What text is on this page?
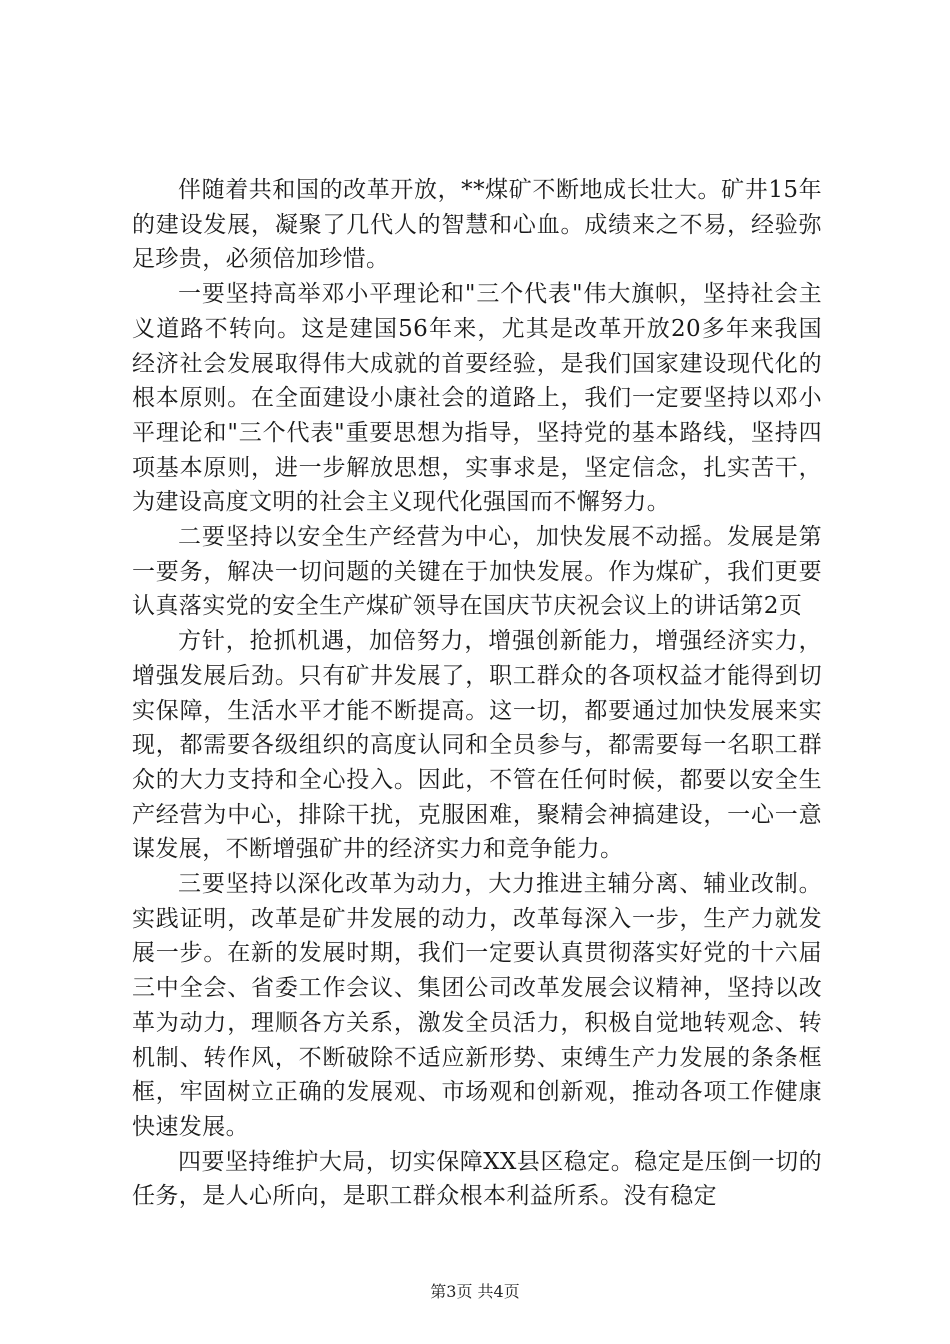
伴随着共和国的改革开放，**煤矿不断地成长壮大。矿井15年的建设发展，凝聚了几代人的智慧和心血。成绩来之不易，经验弥足珍贵，必须倍加珍惜。

一要坚持高举邓小平理论和"三个代表"伟大旗帜，坚持社会主义道路不转向。这是建国56年来，尤其是改革开放20多年来我国经济社会发展取得伟大成就的首要经验，是我们国家建设现代化的根本原则。在全面建设小康社会的道路上，我们一定要坚持以邓小平理论和"三个代表"重要思想为指导，坚持党的基本路线，坚持四项基本原则，进一步解放思想，实事求是，坚定信念，扎实苦干，为建设高度文明的社会主义现代化强国而不懈努力。

二要坚持以安全生产经营为中心，加快发展不动摇。发展是第一要务，解决一切问题的关键在于加快发展。作为煤矿，我们更要认真落实党的安全生产煤矿领导在国庆节庆祝会议上的讲话第2页

方针，抢抓机遇，加倍努力，增强创新能力，增强经济实力，增强发展后劲。只有矿井发展了，职工群众的各项权益才能得到切实保障，生活水平才能不断提高。这一切，都要通过加快发展来实现，都需要各级组织的高度认同和全员参与，都需要每一名职工群众的大力支持和全心投入。因此，不管在任何时候，都要以安全生产经营为中心，排除干扰，克服困难，聚精会神搞建设，一心一意谋发展，不断增强矿井的经济实力和竞争能力。

三要坚持以深化改革为动力，大力推进主辅分离、辅业改制。实践证明，改革是矿井发展的动力，改革每深入一步，生产力就发展一步。在新的发展时期，我们一定要认真贯彻落实好党的十六届三中全会、省委工作会议、集团公司改革发展会议精神，坚持以改革为动力，理顺各方关系，激发全员活力，积极自觉地转观念、转机制、转作风，不断破除不适应新形势、束缚生产力发展的条条框框，牢固树立正确的发展观、市场观和创新观，推动各项工作健康快速发展。

四要坚持维护大局，切实保障XX县区稳定。稳定是压倒一切的任务，是人心所向，是职工群众根本利益所系。没有稳定

第3页 共4页
